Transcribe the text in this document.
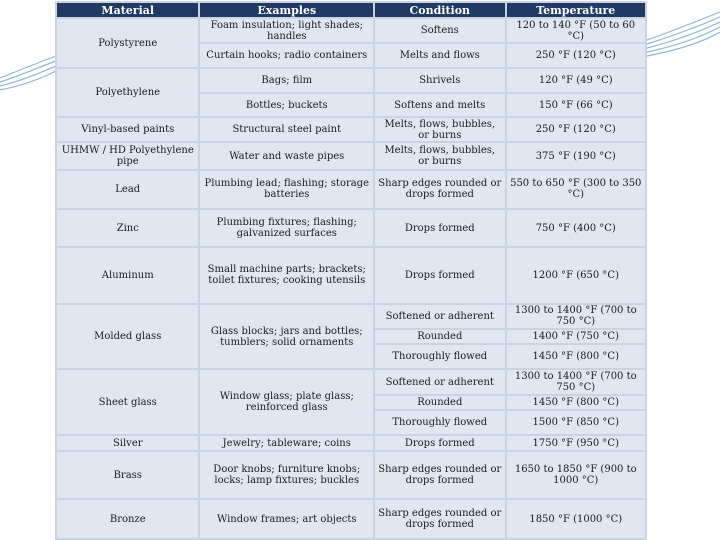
Material	Examples	Condition	Temperature
Polystyrene	Foam insulation; light shades; handles	Softens	120 to 140 °F (50 to 60 °C)
	Curtain hooks; radio containers	Melts and flows	250 °F (120 °C)
Polyethylene	Bags; film	Shrivels	120 °F (49 °C)
	Bottles; buckets	Softens and melts	150 °F (66 °C)
Vinyl-based paints	Structural steel paint	Melts, flows, bubbles, or burns	250 °F (120 °C)
UHMW / HD Polyethylene pipe	Water and waste pipes	Melts, flows, bubbles, or burns	375 °F (190 °C)
Lead	Plumbing lead; flashing; storage batteries	Sharp edges rounded or drops formed	550 to 650 °F (300 to 350 °C)
Zinc	Plumbing fixtures; flashing; galvanized surfaces	Drops formed	750 °F (400 °C)
Aluminum	Small machine parts; brackets; toilet fixtures; cooking utensils	Drops formed	1200 °F (650 °C)
Molded glass	Glass blocks; jars and bottles; tumblers; solid ornaments	Softened or adherent	1300 to 1400 °F (700 to 750 °C)
		Rounded	1400 °F (750 °C)
		Thoroughly flowed	1450 °F (800 °C)
Sheet glass	Window glass; plate glass; reinforced glass	Softened or adherent	1300 to 1400 °F (700 to 750 °C)
		Rounded	1450 °F (800 °C)
		Thoroughly flowed	1500 °F (850 °C)
Silver	Jewelry; tableware; coins	Drops formed	1750 °F (950 °C)
Brass	Door knobs; furniture knobs; locks; lamp fixtures; buckles	Sharp edges rounded or drops formed	1650 to 1850 °F (900 to 1000 °C)
Bronze	Window frames; art objects	Sharp edges rounded or drops formed	1850 °F (1000 °C)
